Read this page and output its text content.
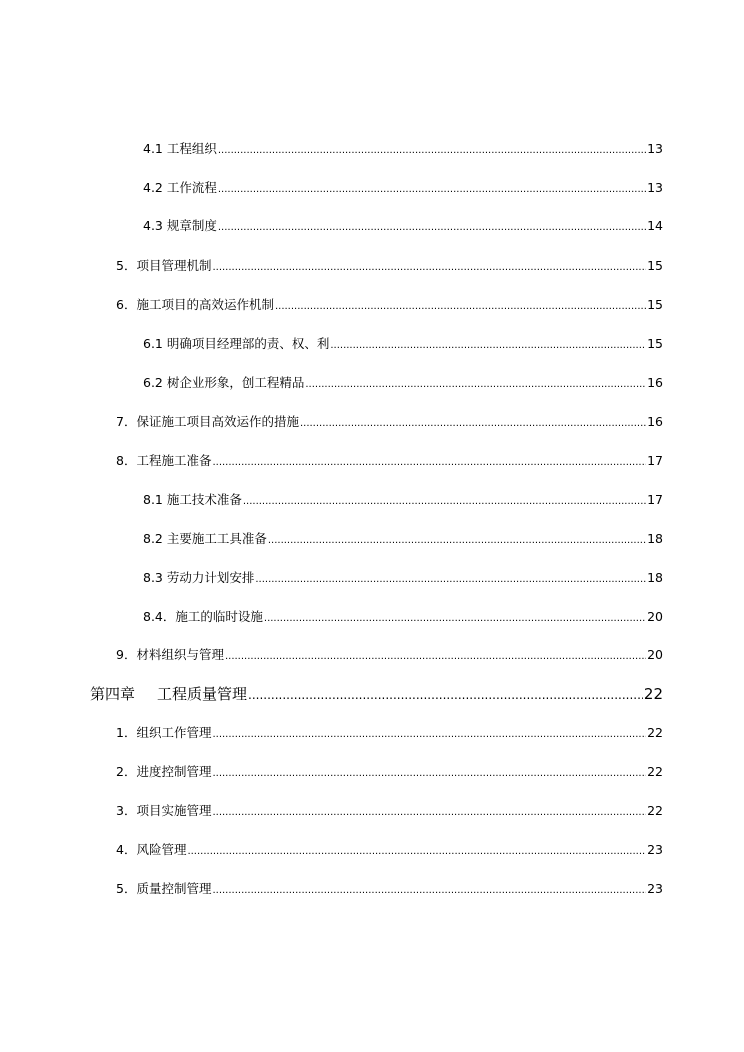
4.1 工程组织 .....	13
4.2 工作流程 .....	13
4.3 规章制度 .....	14
5．项目管理机制 .....	15
6．施工项目的高效运作机制 .....	15
6.1 明确项目经理部的责、权、利 .....	15
6.2 树企业形象，创工程精品 .....	16
7．保证施工项目高效运作的措施 .....	16
8．工程施工准备 .....	17
8.1 施工技术准备 .....	17
8.2 主要施工工具准备 .....	18
8.3 劳动力计划安排 .....	18
8.4．施工的临时设施 .....	20
9．材料组织与管理 .....	20
第四章 工程质量管理 .....	22
1．组织工作管理 .....	22
2．进度控制管理 .....	22
3．项目实施管理 .....	22
4．风险管理 .....	23
5．质量控制管理 .....	23
